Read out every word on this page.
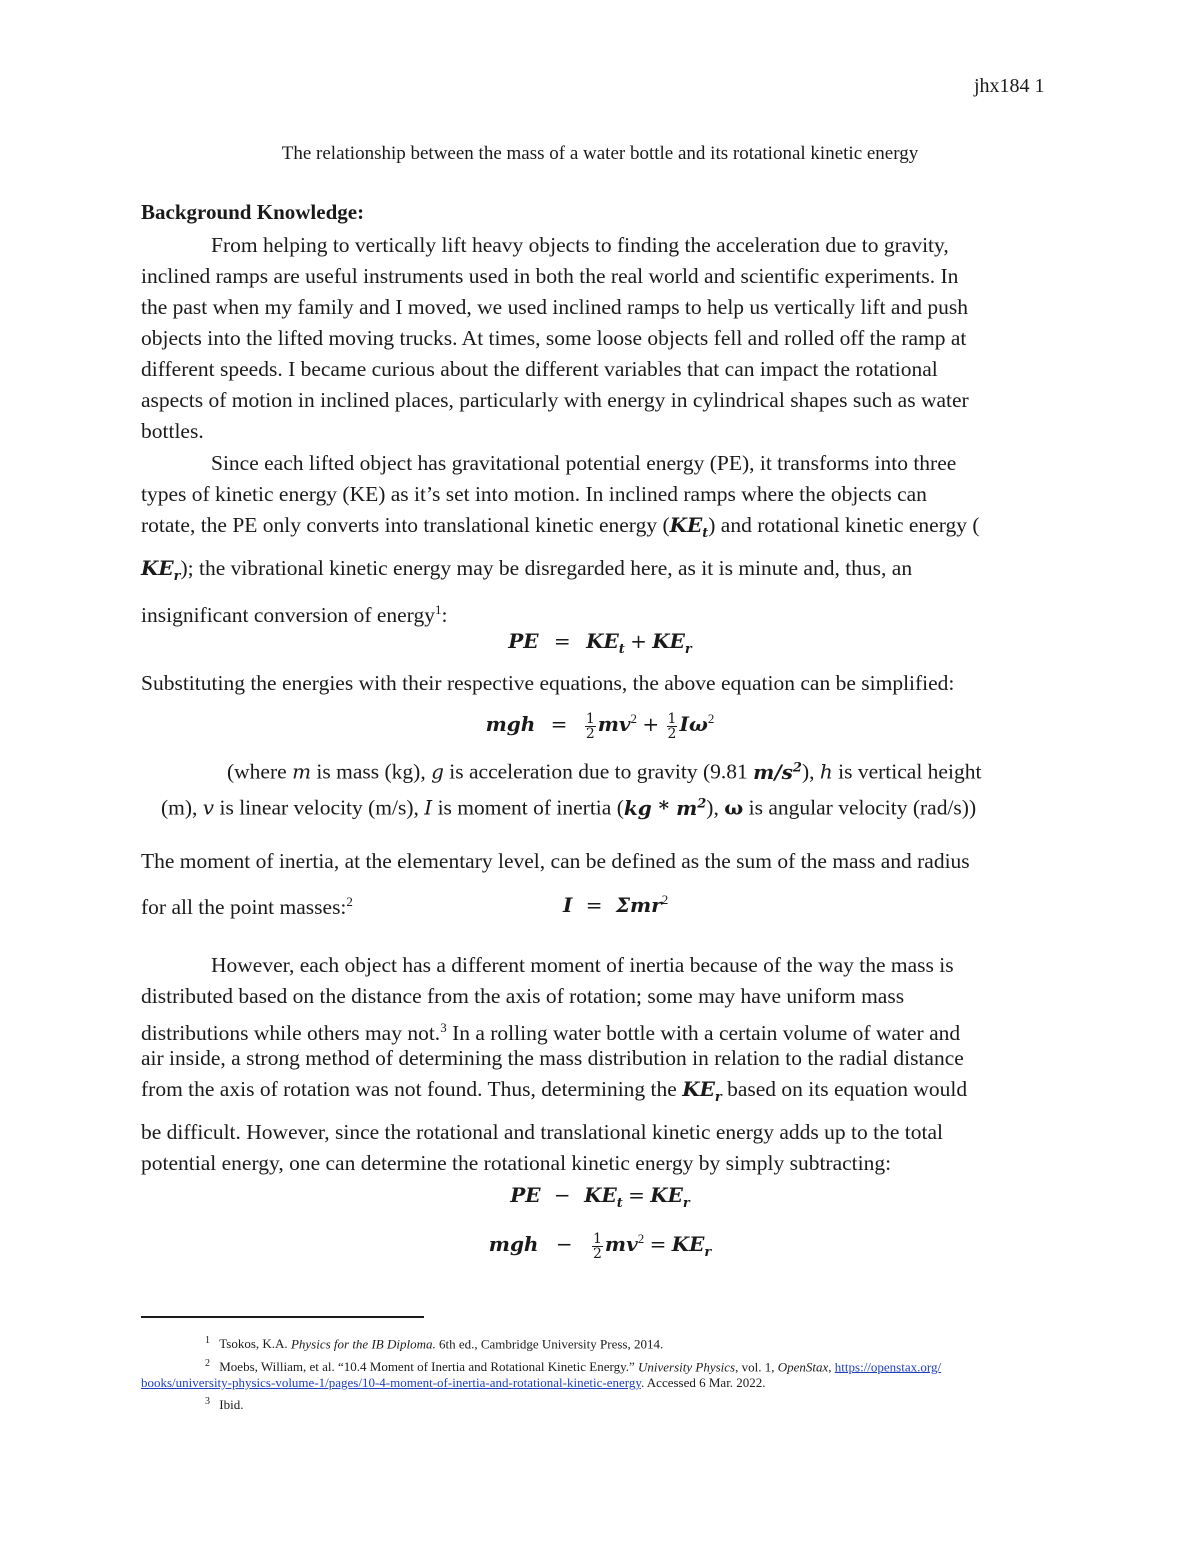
jhx184 1
The relationship between the mass of a water bottle and its rotational kinetic energy
Background Knowledge:
From helping to vertically lift heavy objects to finding the acceleration due to gravity,
inclined ramps are useful instruments used in both the real world and scientific experiments. In
the past when my family and I moved, we used inclined ramps to help us vertically lift and push
objects into the lifted moving trucks. At times, some loose objects fell and rolled off the ramp at
different speeds. I became curious about the different variables that can impact the rotational
aspects of motion in inclined places, particularly with energy in cylindrical shapes such as water
bottles.
Since each lifted object has gravitational potential energy (PE), it transforms into three
types of kinetic energy (KE) as it’s set into motion. In inclined ramps where the objects can
rotate, the PE only converts into translational kinetic energy $(KE_t)$ and rotational kinetic energy (
$KE_r$); the vibrational kinetic energy may be disregarded here, as it is minute and, thus, an
insignificant conversion of energy$^1$:
PE = $KE_t + KE_r$
Substituting the energies with their respective equations, the above equation can be simplified:
mgh = $\frac{1}{2} mv^2 + \frac{1}{2} I\omega^2$
(where m is mass (kg), g is acceleration due to gravity (9.81 $m/s^2$), h is vertical height
(m), v is linear velocity (m/s), I is moment of inertia $(kg * m^2)$, ω is angular velocity (rad/s))
The moment of inertia, at the elementary level, can be defined as the sum of the mass and radius
for all the point masses:$^2$	I = Σmr$^2$
However, each object has a different moment of inertia because of the way the mass is
distributed based on the distance from the axis of rotation; some may have uniform mass
distributions while others may not.$^3$ In a rolling water bottle with a certain volume of water and
air inside, a strong method of determining the mass distribution in relation to the radial distance
from the axis of rotation was not found. Thus, determining the $KE_r$ based on its equation would
be difficult. However, since the rotational and translational kinetic energy adds up to the total
potential energy, one can determine the rotational kinetic energy by simply subtracting:
PE − $KE_t = KE_r$
mgh − $\frac{1}{2} mv^2 = KE_r$
$^1$ Tsokos, K.A. Physics for the IB Diploma. 6th ed., Cambridge University Press, 2014.
$^2$ Moebs, William, et al. “10.4 Moment of Inertia and Rotational Kinetic Energy.” University Physics, vol. 1, OpenStax, https://openstax.org/
books/university-physics-volume-1/pages/10-4-moment-of-inertia-and-rotational-kinetic-energy. Accessed 6 Mar. 2022.
$^3$ Ibid.
